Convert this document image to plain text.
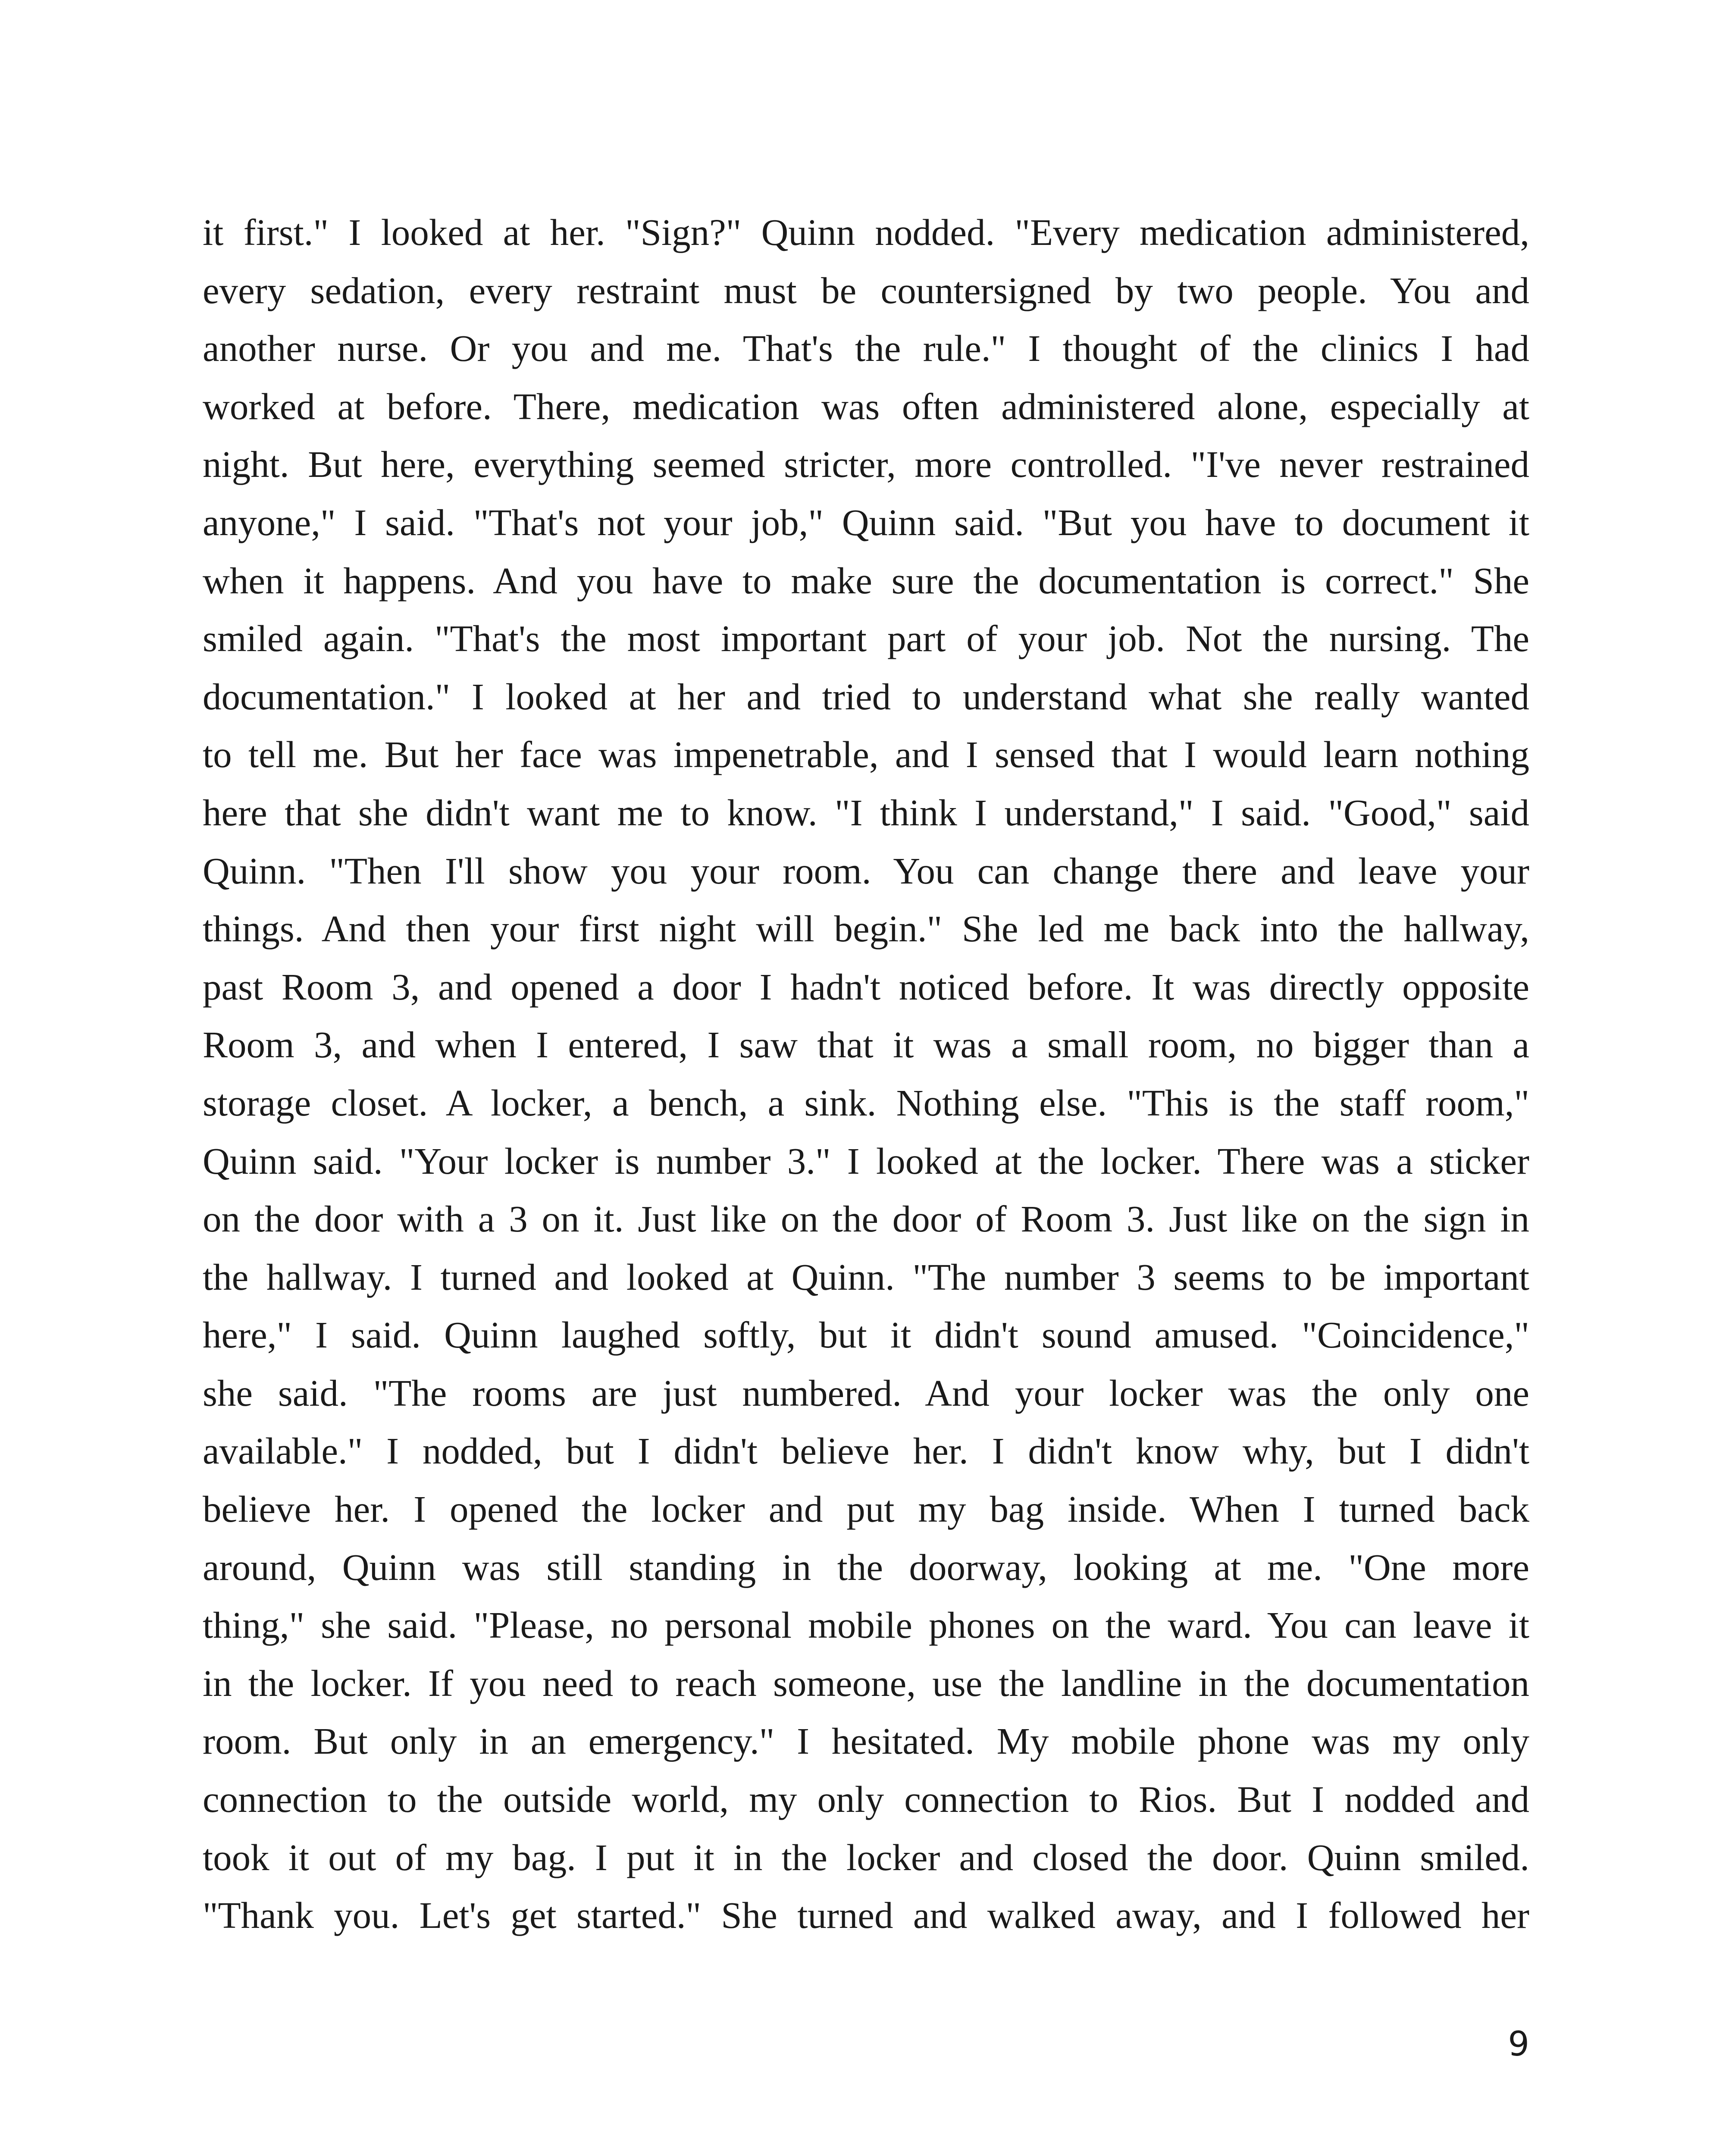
it first." I looked at her. "Sign?" Quinn nodded. "Every medication administered,
every sedation, every restraint must be countersigned by two people. You and
another nurse. Or you and me. That's the rule." I thought of the clinics I had
worked at before. There, medication was often administered alone, especially at
night. But here, everything seemed stricter, more controlled. "I've never restrained
anyone," I said. "That's not your job," Quinn said. "But you have to document it
when it happens. And you have to make sure the documentation is correct." She
smiled again. "That's the most important part of your job. Not the nursing. The
documentation." I looked at her and tried to understand what she really wanted
to tell me. But her face was impenetrable, and I sensed that I would learn nothing
here that she didn't want me to know. "I think I understand," I said. "Good," said
Quinn. "Then I'll show you your room. You can change there and leave your
things. And then your first night will begin." She led me back into the hallway,
past Room 3, and opened a door I hadn't noticed before. It was directly opposite
Room 3, and when I entered, I saw that it was a small room, no bigger than a
storage closet. A locker, a bench, a sink. Nothing else. "This is the staff room,"
Quinn said. "Your locker is number 3." I looked at the locker. There was a sticker
on the door with a 3 on it. Just like on the door of Room 3. Just like on the sign in
the hallway. I turned and looked at Quinn. "The number 3 seems to be important
here," I said. Quinn laughed softly, but it didn't sound amused. "Coincidence,"
she said. "The rooms are just numbered. And your locker was the only one
available." I nodded, but I didn't believe her. I didn't know why, but I didn't
believe her. I opened the locker and put my bag inside. When I turned back
around, Quinn was still standing in the doorway, looking at me. "One more
thing," she said. "Please, no personal mobile phones on the ward. You can leave it
in the locker. If you need to reach someone, use the landline in the documentation
room. But only in an emergency." I hesitated. My mobile phone was my only
connection to the outside world, my only connection to Rios. But I nodded and
took it out of my bag. I put it in the locker and closed the door. Quinn smiled.
"Thank you. Let's get started." She turned and walked away, and I followed her
9
